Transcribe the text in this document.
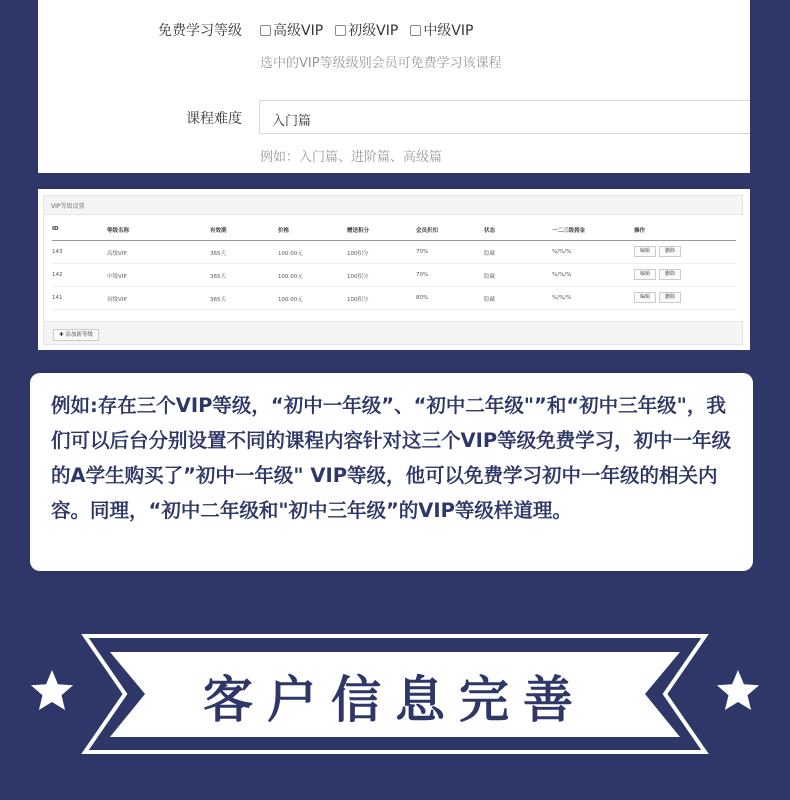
免费学习等级 高级VIP 初级VIP 中级VIP
选中的VIP等级级别会员可免费学习该课程
课程难度	入门篇
例如：入门篇、进阶篇、高级篇
VIP等级设置
ID	等级名称	有效期	价格	赠送积分	会员折扣	状态	一二三级佣金	操作
143	高级VIP	365天	100.00元	100积分	70%	隐藏	%/%/%	编辑	删除
142	中级VIP	365天	100.00元	100积分	70%	隐藏	%/%/%	编辑	删除
141	初级VIP	365天	100.00元	100积分	80%	隐藏	%/%/%	编辑	删除
✚ 添加新等级
例如:存在三个VIP等级，“初中一年级”、“初中二年级"”和“初中三年级"，我们可以后台分别设置不同的课程内容针对这三个VIP等级免费学习，初中一年级的A学生购买了”初中一年级" VIP等级，他可以免费学习初中一年级的相关内容。同理，“初中二年级和"初中三年级”的VIP等级样道理。
客户信息完善
